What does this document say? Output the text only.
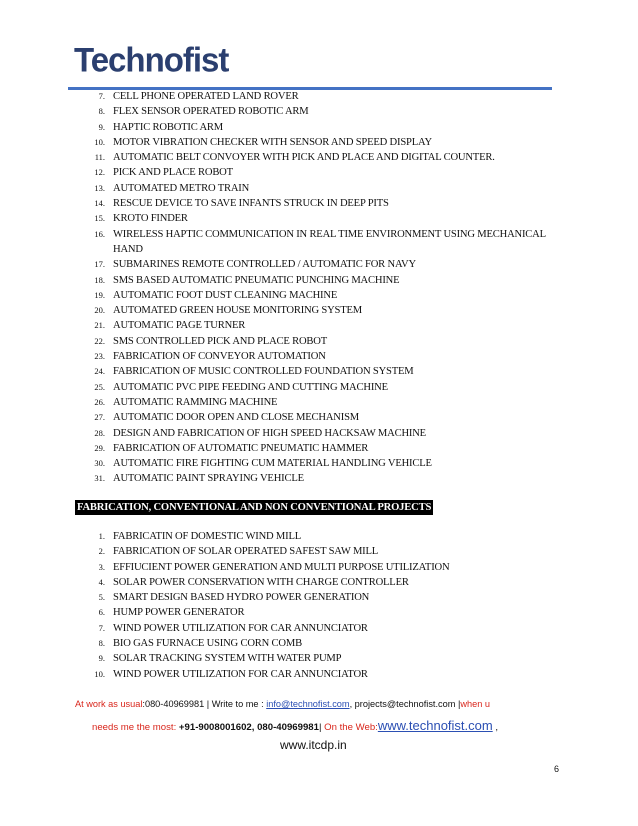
Technofist
7. CELL PHONE OPERATED LAND ROVER
8. FLEX SENSOR OPERATED ROBOTIC ARM
9. HAPTIC ROBOTIC ARM
10. MOTOR VIBRATION CHECKER WITH SENSOR AND SPEED DISPLAY
11. AUTOMATIC BELT CONVOYER WITH PICK AND PLACE AND DIGITAL COUNTER.
12. PICK AND PLACE ROBOT
13. AUTOMATED METRO TRAIN
14. RESCUE DEVICE TO SAVE INFANTS STRUCK IN DEEP PITS
15. KROTO FINDER
16. WIRELESS HAPTIC COMMUNICATION IN REAL TIME ENVIRONMENT USING MECHANICAL HAND
17. SUBMARINES REMOTE CONTROLLED / AUTOMATIC FOR NAVY
18. SMS BASED AUTOMATIC PNEUMATIC PUNCHING MACHINE
19. AUTOMATIC FOOT DUST CLEANING MACHINE
20. AUTOMATED GREEN HOUSE MONITORING SYSTEM
21. AUTOMATIC PAGE TURNER
22. SMS CONTROLLED PICK AND PLACE ROBOT
23. FABRICATION OF CONVEYOR AUTOMATION
24. FABRICATION OF MUSIC CONTROLLED FOUNDATION SYSTEM
25. AUTOMATIC PVC PIPE FEEDING AND CUTTING MACHINE
26. AUTOMATIC RAMMING MACHINE
27. AUTOMATIC DOOR OPEN AND CLOSE MECHANISM
28. DESIGN AND FABRICATION OF HIGH SPEED HACKSAW MACHINE
29. FABRICATION OF AUTOMATIC PNEUMATIC HAMMER
30. AUTOMATIC FIRE FIGHTING CUM MATERIAL HANDLING VEHICLE
31. AUTOMATIC PAINT SPRAYING VEHICLE
FABRICATION, CONVENTIONAL AND NON CONVENTIONAL PROJECTS
1. FABRICATIN OF DOMESTIC WIND MILL
2. FABRICATION OF SOLAR OPERATED SAFEST SAW MILL
3. EFFIUCIENT POWER GENERATION AND MULTI PURPOSE UTILIZATION
4. SOLAR POWER CONSERVATION WITH CHARGE CONTROLLER
5. SMART DESIGN BASED HYDRO POWER GENERATION
6. HUMP POWER GENERATOR
7. WIND POWER UTILIZATION FOR CAR ANNUNCIATOR
8. BIO GAS FURNACE USING CORN COMB
9. SOLAR TRACKING SYSTEM WITH WATER PUMP
10. WIND POWER UTILIZATION FOR CAR ANNUNCIATOR
At work as usual:080-40969981 | Write to me : info@technofist.com, projects@technofist.com |when u
needs me the most: +91-9008001602, 080-40969981| On the Web:www.technofist.com ,
www.itcdp.in
6
